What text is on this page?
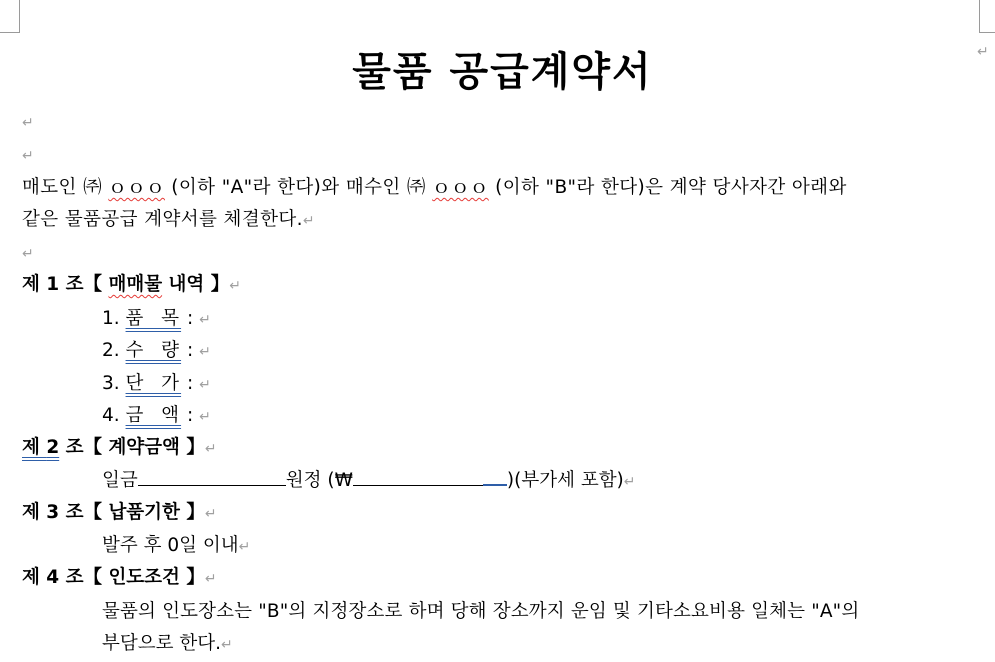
물품 공급계약서	↵
↵
↵
매도인 ㈜ ｏｏｏ (이하 "A"라 한다)와 매수인 ㈜ ｏｏｏ (이하 "B"라 한다)은 계약 당사자간 아래와
같은 물품공급 계약서를 체결한다.↵
↵
제 1 조【 매매물 내역 】↵
1. 품  목 : ↵
2. 수  량 : ↵
3. 단  가 : ↵
4. 금  액 : ↵
제 2 조【 계약금액 】↵
일금	원정 (₩	)(부가세 포함)↵
제 3 조【 납품기한 】↵
발주 후 0일 이내↵
제 4 조【 인도조건 】↵
물품의 인도장소는 "B"의 지정장소로 하며 당해 장소까지 운임 및 기타소요비용 일체는 "A"의
부담으로 한다.↵
